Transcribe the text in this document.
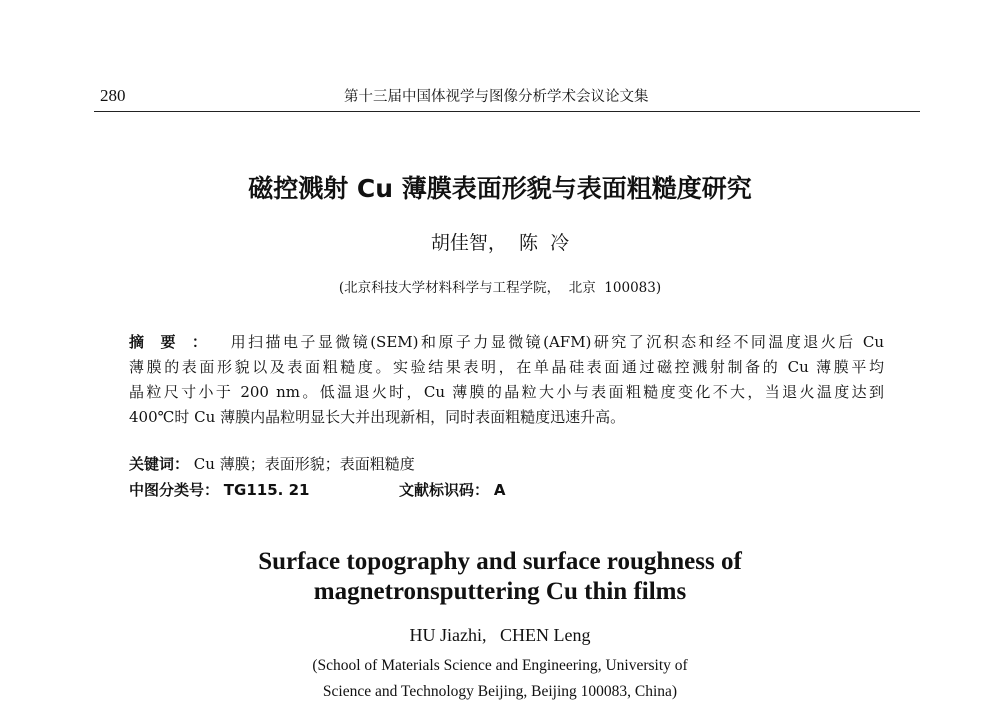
280	第十三届中国体视学与图像分析学术会议论文集
磁控溅射 Cu 薄膜表面形貌与表面粗糙度研究
胡佳智，  陈  冷
(北京科技大学材料科学与工程学院，  北京  100083)
摘要： 用扫描电子显微镜(SEM)和原子力显微镜(AFM)研究了沉积态和经不同温度退火后 Cu
薄膜的表面形貌以及表面粗糙度。实验结果表明，在单晶硅表面通过磁控溅射制备的 Cu 薄膜平均
晶粒尺寸小于 200 nm。低温退火时，Cu 薄膜的晶粒大小与表面粗糙度变化不大，当退火温度达到
400℃时 Cu 薄膜内晶粒明显长大并出现新相，同时表面粗糙度迅速升高。
关键词： Cu 薄膜；表面形貌；表面粗糙度
中图分类号： TG115. 21	文献标识码： A
Surface topography and surface roughness of
magnetronsputtering Cu thin films
HU Jiazhi,   CHEN Leng
(School of Materials Science and Engineering, University of
Science and Technology Beijing, Beijing 100083, China)
